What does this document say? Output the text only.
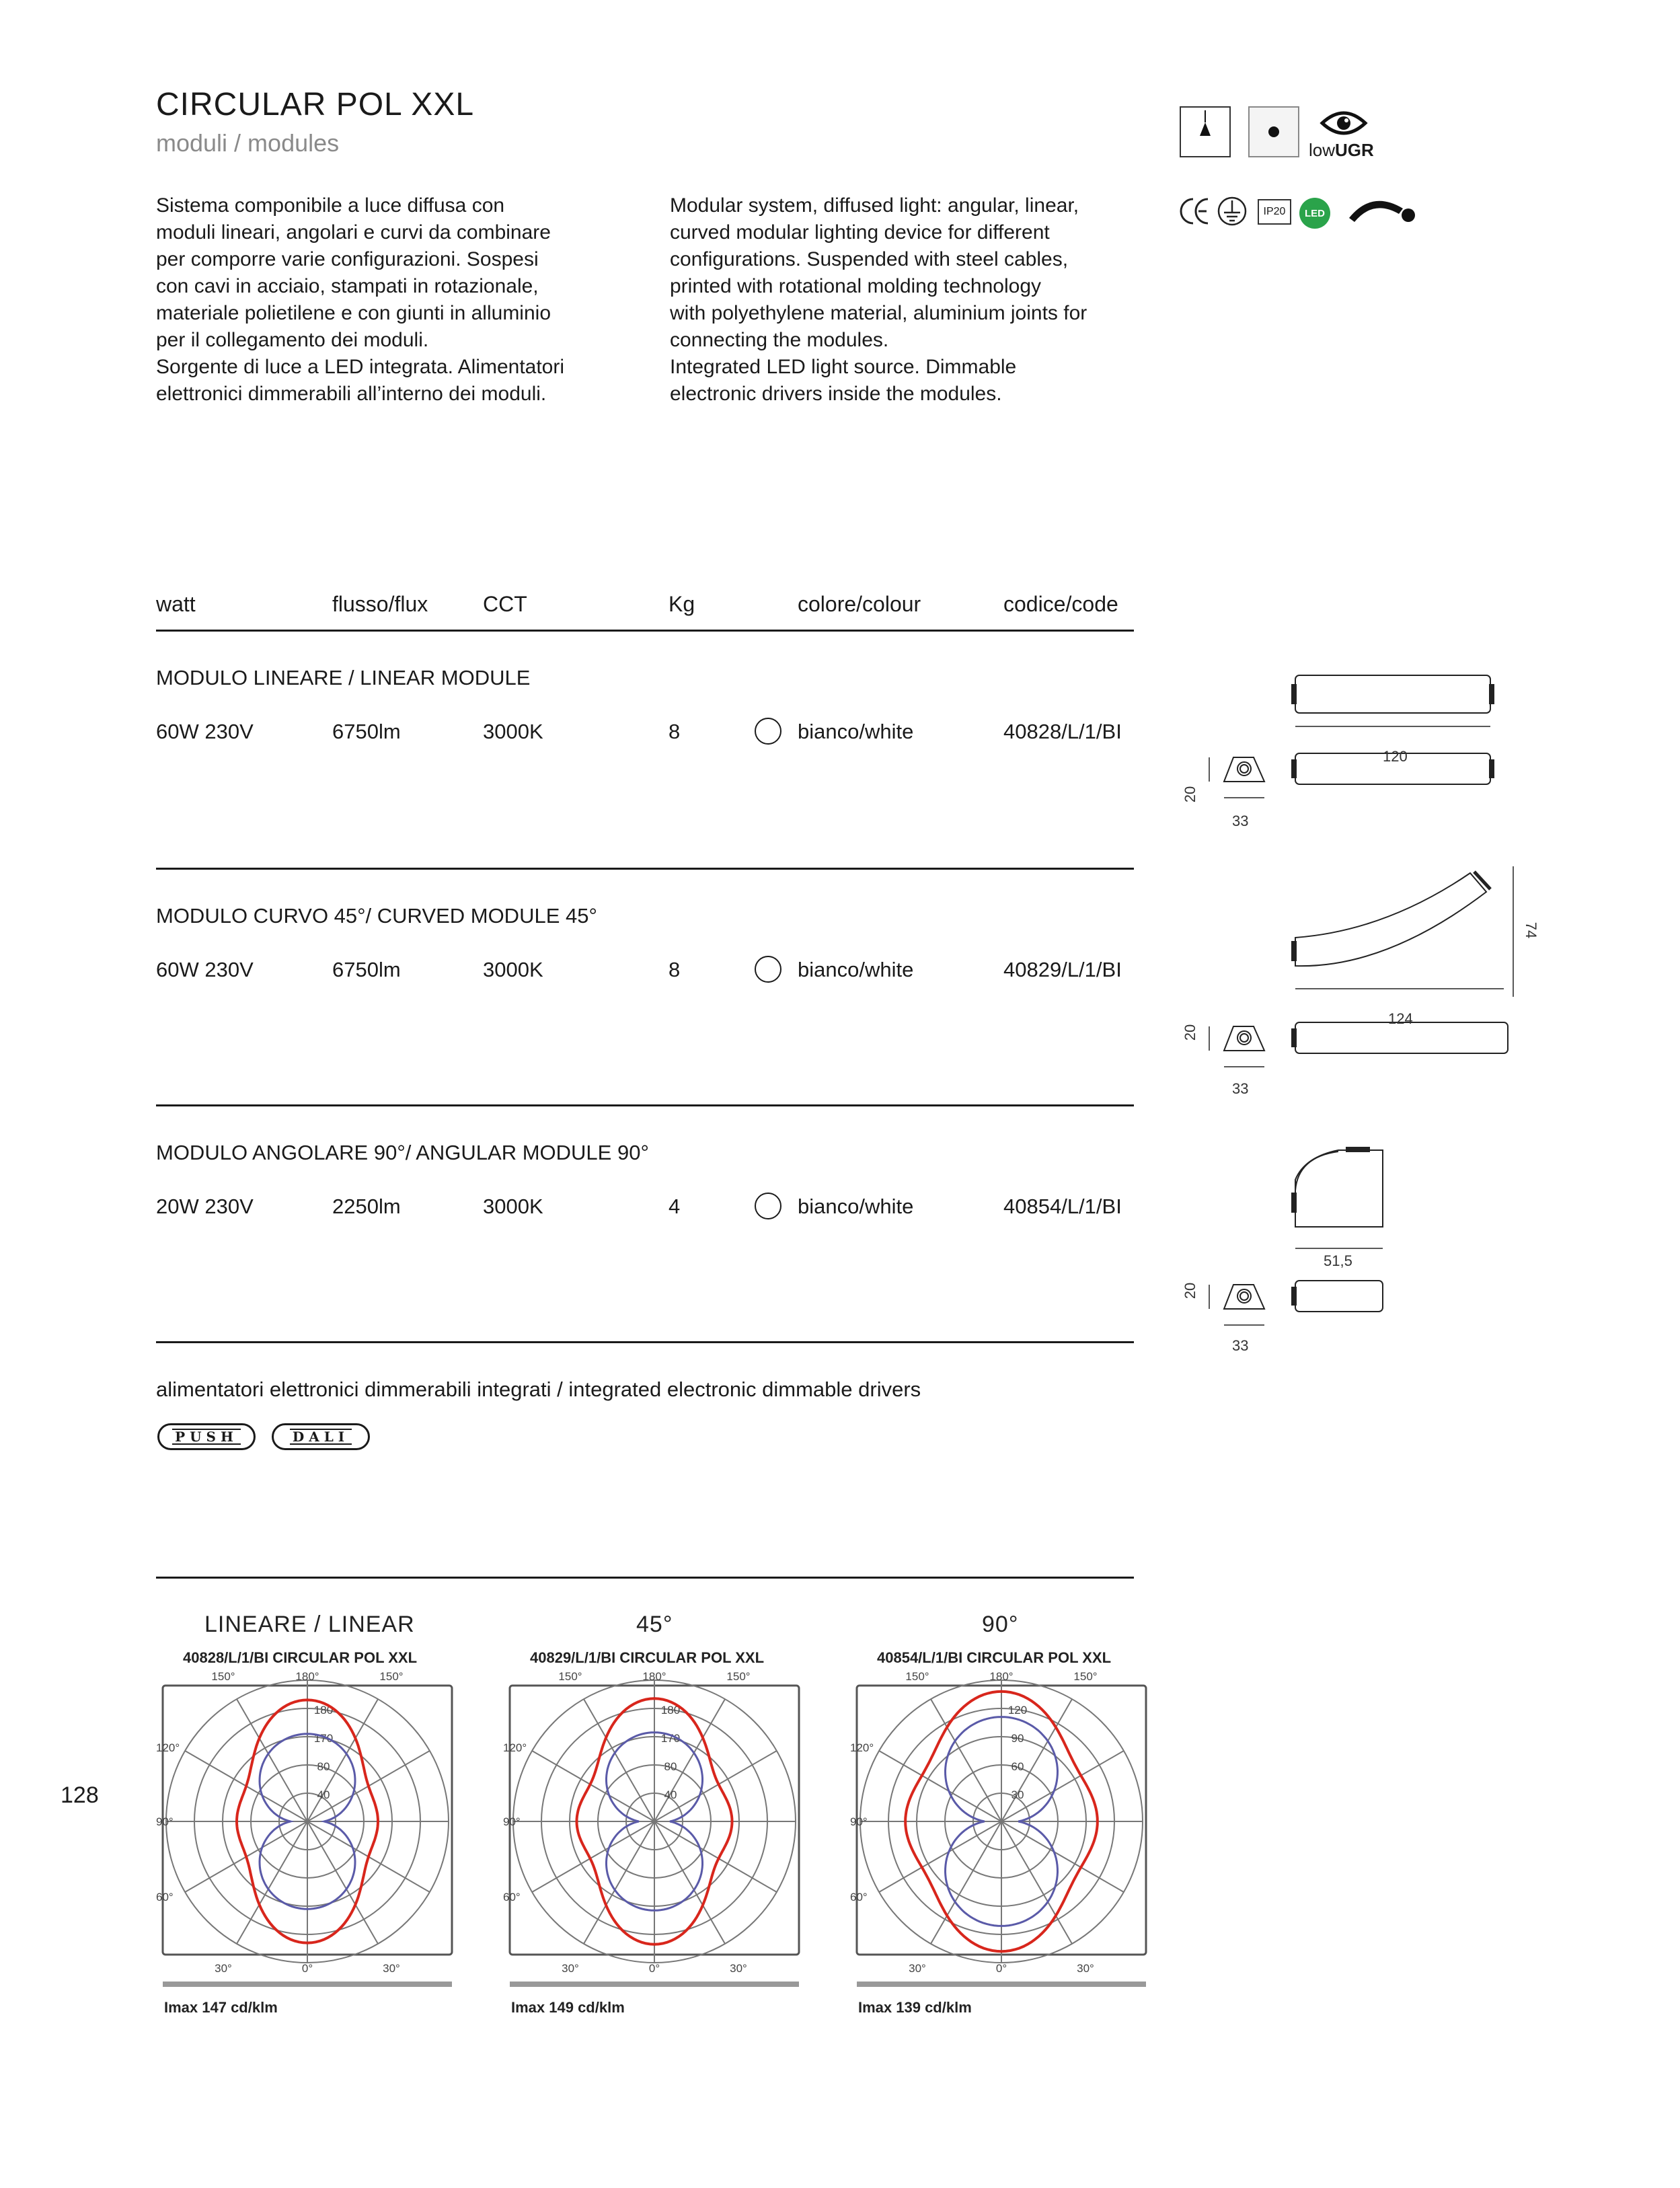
CIRCULAR POL XXL
moduli / modules	lowUGR
IP20	LED

Sistema componibile a luce diffusa con

moduli lineari, angolari e curvi da combinare

per comporre varie configurazioni. Sospesi

con cavi in acciaio, stampati in rotazionale,

materiale polietilene e con giunti in alluminio

per il collegamento dei moduli.

Sorgente di luce a LED integrata. Alimentatori

elettronici dimmerabili all’interno dei moduli.

Modular system, diffused light: angular, linear,

curved modular lighting device for different

configurations. Suspended with steel cables,

printed with rotational molding technology

with polyethylene material, aluminium joints for

connecting the modules.

Integrated LED light source. Dimmable

electronic drivers inside the modules.

watt	flusso/flux	CCT	Kg	colore/colour	codice/code
MODULO LINEARE / LINEAR MODULE
60W 230V	6750lm	3000K	8	bianco/white	40828/L/1/BI
MODULO CURVO 45°/ CURVED MODULE 45°
60W 230V	6750lm	3000K	8	bianco/white	40829/L/1/BI
MODULO ANGOLARE 90°/ ANGULAR MODULE 90°
20W 230V	2250lm	3000K	4	bianco/white	40854/L/1/BI
120
20
33
74
124
20
33
51,5
20
33
alimentatori elettronici dimmerabili integrati / integrated electronic dimmable drivers
PUSH	DALI
128
LINEARE / LINEAR	45°	90°
40828/L/1/BI CIRCULAR POL XXL
180
170
80
40
150°	180°	150°
120°
90°
60°
30°	0°	30°
Imax 147 cd/klm
40829/L/1/BI CIRCULAR POL XXL
180
170
80
40
150°	180°	150°
120°
90°
60°
30°	0°	30°
Imax 149 cd/klm
40854/L/1/BI CIRCULAR POL XXL
120
90
60
30
150°	180°	150°
120°
90°
60°
30°	0°	30°
Imax 139 cd/klm
